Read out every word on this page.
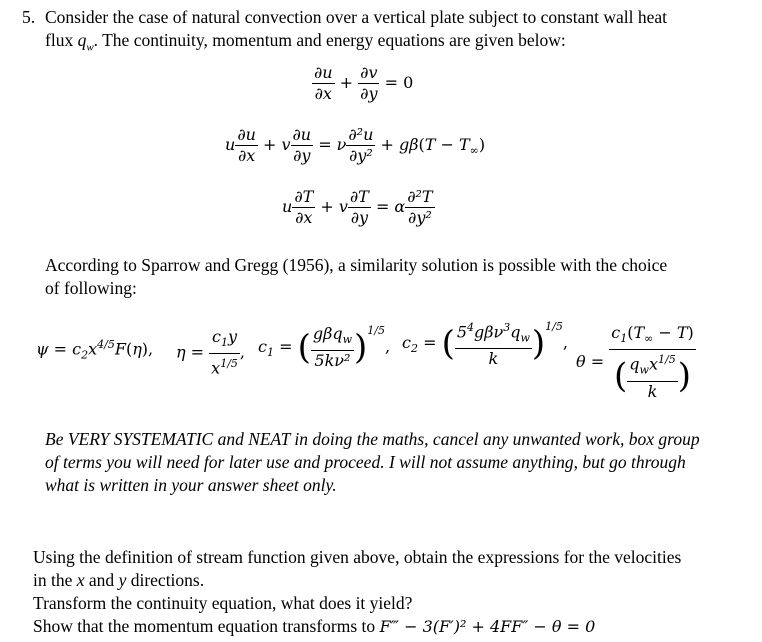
5. Consider the case of natural convection over a vertical plate subject to constant wall heat
flux $q_w$. The continuity, momentum and energy equations are given below:
$\frac{\partial u}{\partial x} + \frac{\partial v}{\partial y} = 0$
u $\frac{\partial u}{\partial x} + v \frac{\partial u}{\partial y} = \nu \frac{\text{∂²u}}{\text{∂y²}} + g\beta(T - T_\infty)$
u $\frac{\partial T}{\partial x} + v \frac{\partial T}{\partial y} = \alpha \frac{\text{∂²T}}{\text{∂y²}}$
According to Sparrow and Gregg (1956), a similarity solution is possible with the choice
of following:
$\psi = c_2x^{4/5}F(\eta)$, $\eta = \frac{c_1y}{x^{1/5}}$ , $c_1$ = ( $\frac{g\beta q_w}{\text{5kν²}} )^{1/5}$, $c_2$ = ( $\frac{5^4g\beta\nu^3q_w}{k} )^{1/5}$,
$\theta = \frac{c_1(T_\infty - T)}{( \frac{q_wx^{1/5}}{k} )}$
Be VERY SYSTEMATIC and NEAT in doing the maths, cancel any unwanted work, box group
of terms you will need for later use and proceed. I will not assume anything, but go through
what is written in your answer sheet only.
Using the definition of stream function given above, obtain the expressions for the velocities
in the x and y directions.
Transform the continuity equation, what does it yield?
Show that the momentum equation transforms to F‴ − 3(F′)² + 4FF″ − θ = 0
